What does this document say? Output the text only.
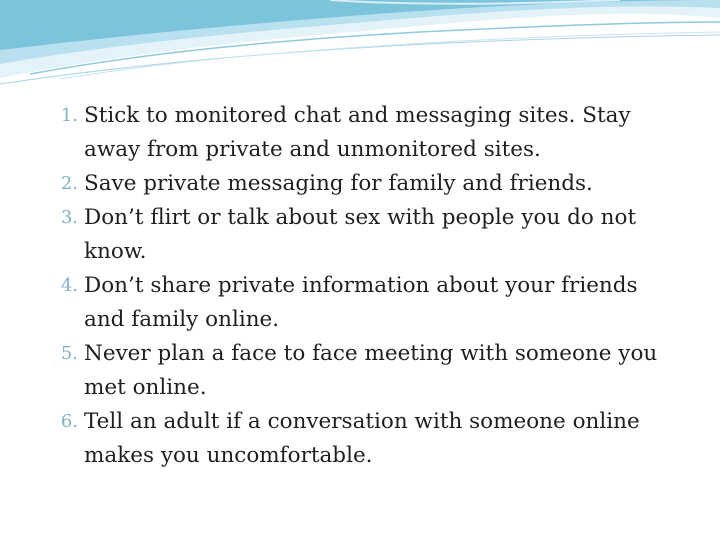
1. Stick to monitored chat and messaging sites. Stay away from private and unmonitored sites.
2. Save private messaging for family and friends.
3. Don’t flirt or talk about sex with people you do not know.
4. Don’t share private information about your friends and family online.
5. Never plan a face to face meeting with someone you met online.
6. Tell an adult if a conversation with someone online makes you uncomfortable.
